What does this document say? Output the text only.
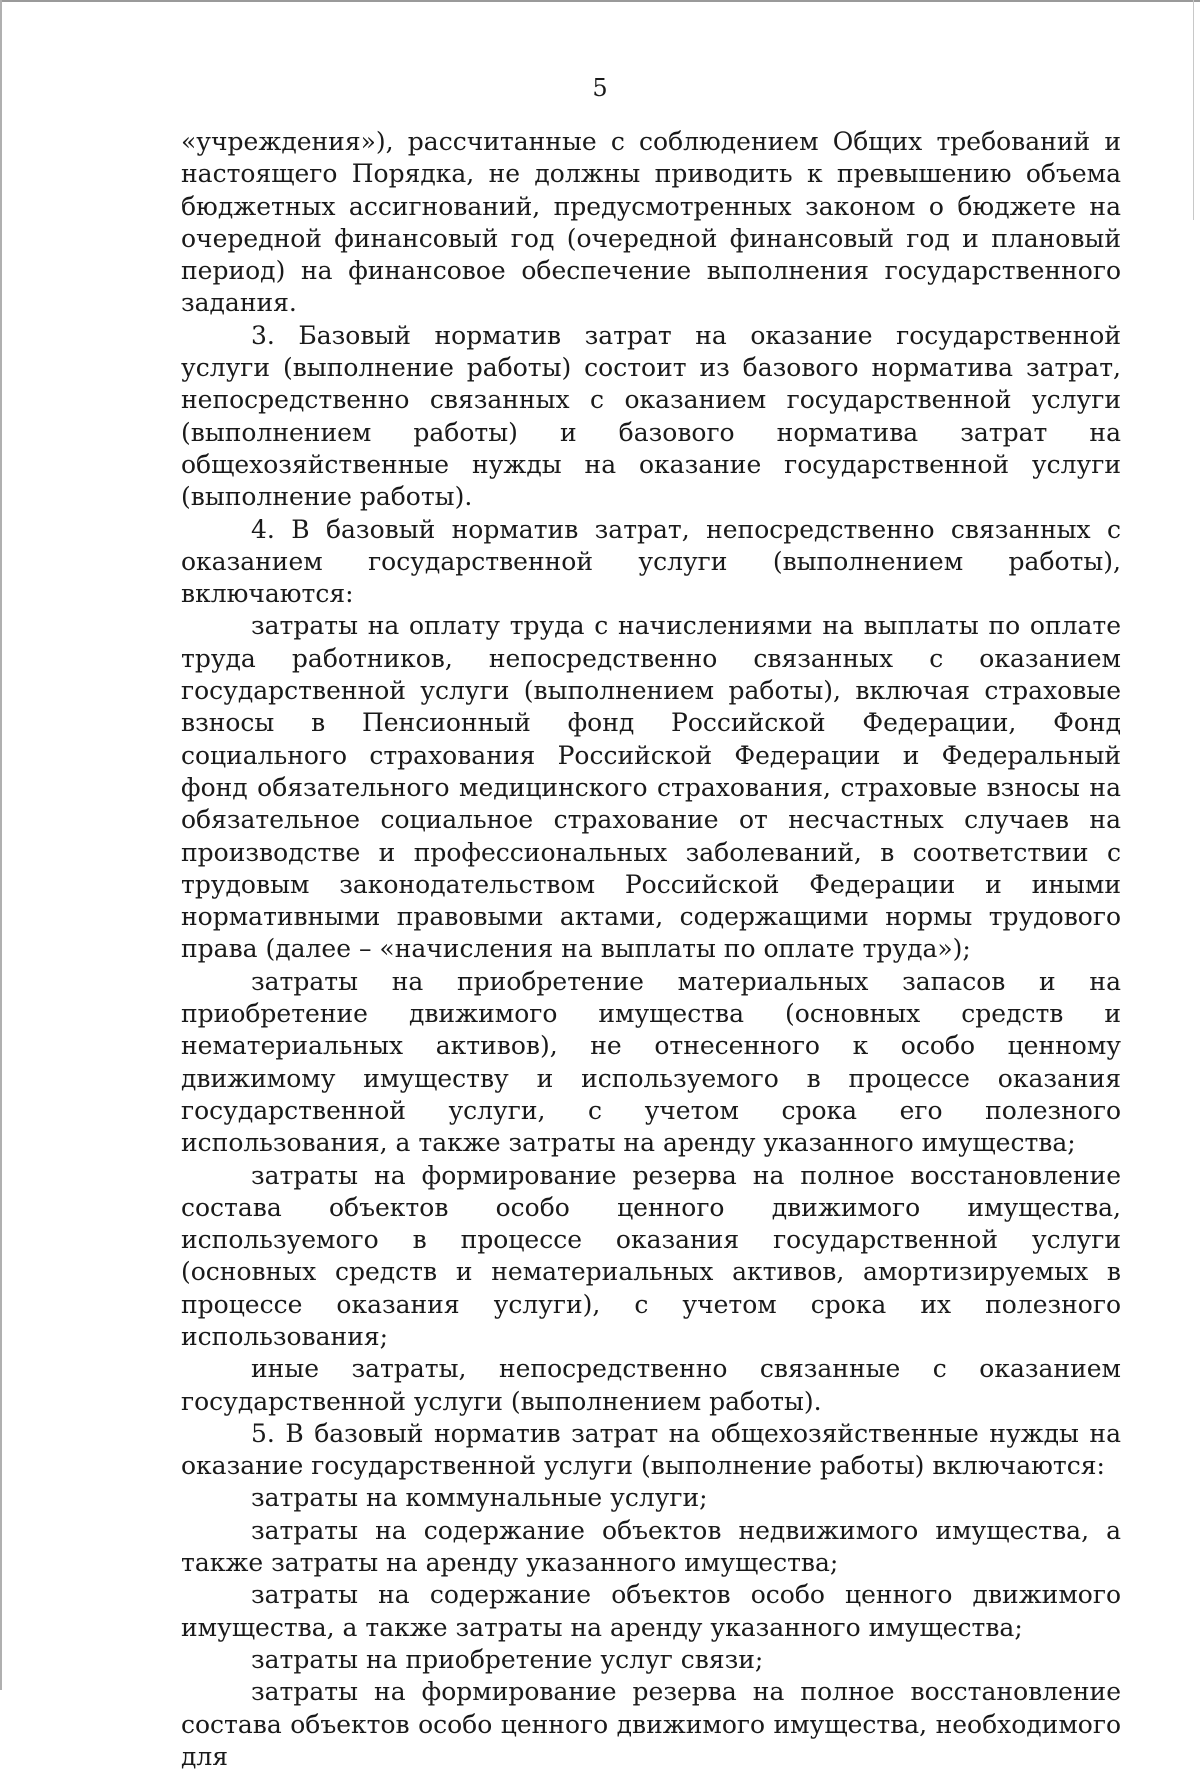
5

«учреждения»), рассчитанные с соблюдением Общих требований и настоящего Порядка, не должны приводить к превышению объема бюджетных ассигнований, предусмотренных законом о бюджете на очередной финансовый год (очередной финансовый год и плановый период) на финансовое обеспечение выполнения государственного задания.

3. Базовый норматив затрат на оказание государственной услуги (выполнение работы) состоит из базового норматива затрат, непосредственно связанных с оказанием государственной услуги (выполнением работы) и базового норматива затрат на общехозяйственные нужды на оказание государственной услуги (выполнение работы).

4. В базовый норматив затрат, непосредственно связанных с оказанием государственной услуги (выполнением работы), включаются:

затраты на оплату труда с начислениями на выплаты по оплате труда работников, непосредственно связанных с оказанием государственной услуги (выполнением работы), включая страховые взносы в Пенсионный фонд Российской Федерации, Фонд социального страхования Российской Федерации и Федеральный фонд обязательного медицинского страхования, страховые взносы на обязательное социальное страхование от несчастных случаев на производстве и профессиональных заболеваний, в соответствии с трудовым законодательством Российской Федерации и иными нормативными правовыми актами, содержащими нормы трудового права (далее – «начисления на выплаты по оплате труда»);

затраты на приобретение материальных запасов и на приобретение движимого имущества (основных средств и нематериальных активов), не отнесенного к особо ценному движимому имуществу и используемого в процессе оказания государственной услуги, с учетом срока его полезного использования, а также затраты на аренду указанного имущества;

затраты на формирование резерва на полное восстановление состава объектов особо ценного движимого имущества, используемого в процессе оказания государственной услуги (основных средств и нематериальных активов, амортизируемых в процессе оказания услуги), с учетом срока их полезного использования;

иные затраты, непосредственно связанные с оказанием государственной услуги (выполнением работы).

5. В базовый норматив затрат на общехозяйственные нужды на оказание государственной услуги (выполнение работы) включаются:

затраты на коммунальные услуги;

затраты на содержание объектов недвижимого имущества, а также затраты на аренду указанного имущества;

затраты на содержание объектов особо ценного движимого имущества, а также затраты на аренду указанного имущества;

затраты на приобретение услуг связи;

затраты на формирование резерва на полное восстановление состава объектов особо ценного движимого имущества, необходимого для
